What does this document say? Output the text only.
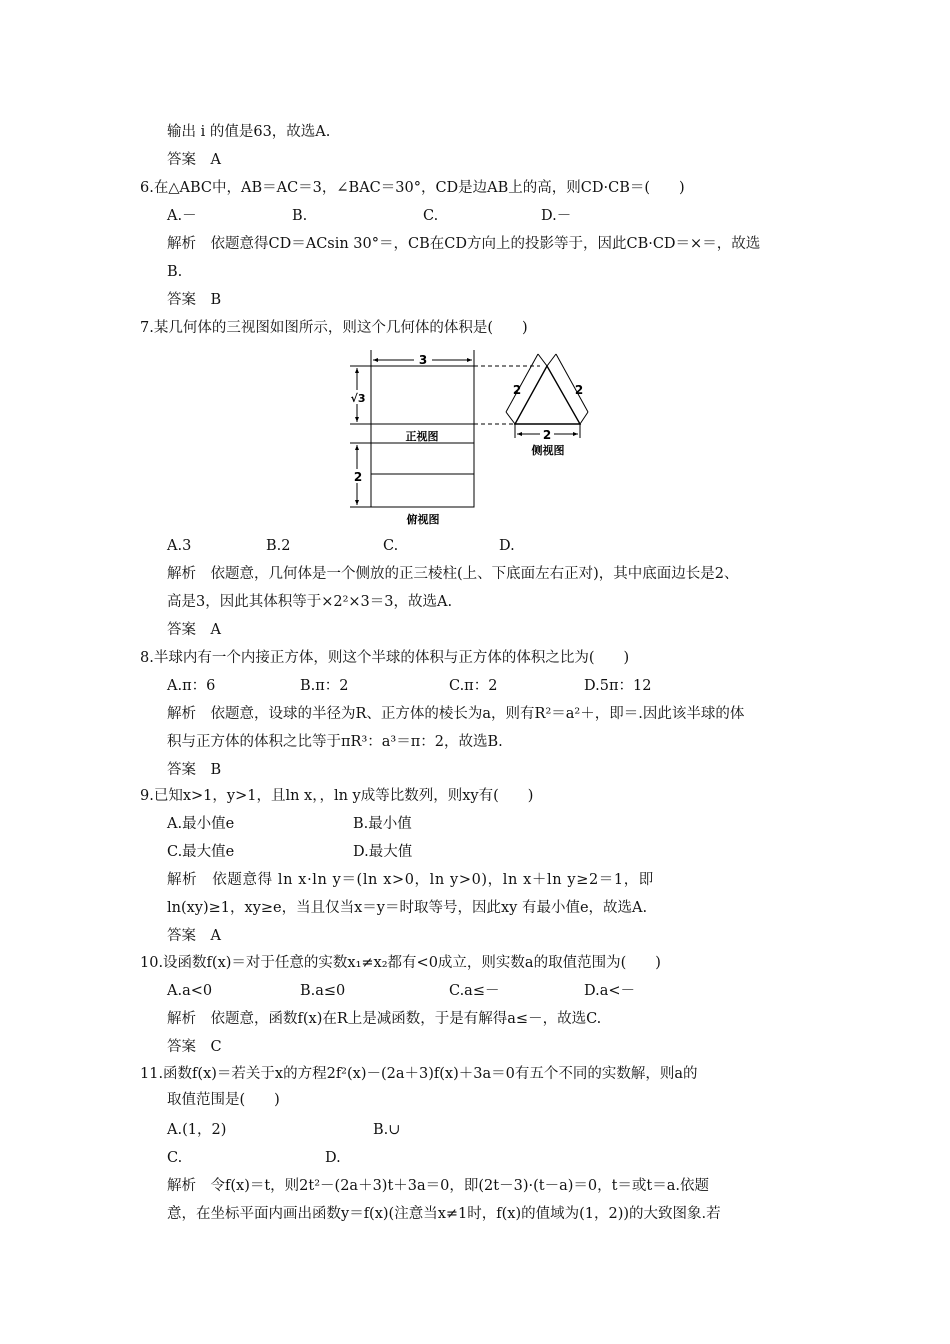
输出 i 的值是63，故选A.
答案　A
6.在△ABC中，AB＝AC＝3，∠BAC＝30°，CD是边AB上的高，则CD·CB＝(　　)
A.－	B.	C.	D.－
解析　依题意得CD＝ACsin 30°＝，CB在CD方向上的投影等于，因此CB·CD＝×＝，故选
B.
答案　B
7.某几何体的三视图如图所示，则这个几何体的体积是(　　)
3
√3
正视图
2	2
2
侧视图
2
俯视图
A.3	B.2	C.	D.
解析　依题意，几何体是一个侧放的正三棱柱(上、下底面左右正对)，其中底面边长是2、
高是3，因此其体积等于×2²×3＝3，故选A.
答案　A
8.半球内有一个内接正方体，则这个半球的体积与正方体的体积之比为(　　)
A.π：6	B.π：2	C.π：2	D.5π：12
解析　依题意，设球的半径为R、正方体的棱长为a，则有R²＝a²＋，即＝.因此该半球的体
积与正方体的体积之比等于πR³：a³＝π：2，故选B.
答案　B
9.已知x>1，y>1，且ln x，，ln y成等比数列，则xy有(　　)
A.最小值e	B.最小值
C.最大值e	D.最大值
解析　依题意得 ln x·ln y＝(ln x>0，ln y>0)，ln x＋ln y≥2＝1，即
ln(xy)≥1，xy≥e，当且仅当x＝y＝时取等号，因此xy 有最小值e，故选A.
答案　A
10.设函数f(x)＝对于任意的实数x₁≠x₂都有<0成立，则实数a的取值范围为(　　)
A.a<0	B.a≤0	C.a≤－	D.a<－
解析　依题意，函数f(x)在R上是减函数，于是有解得a≤－，故选C.
答案　C
11.函数f(x)＝若关于x的方程2f²(x)－(2a＋3)f(x)＋3a＝0有五个不同的实数解，则a的
取值范围是(　　)
A.(1，2)	B.∪
C.	D.
解析　令f(x)＝t，则2t²－(2a＋3)t＋3a＝0，即(2t－3)·(t－a)＝0，t＝或t＝a.依题
意，在坐标平面内画出函数y＝f(x)(注意当x≠1时，f(x)的值域为(1，2))的大致图象.若
